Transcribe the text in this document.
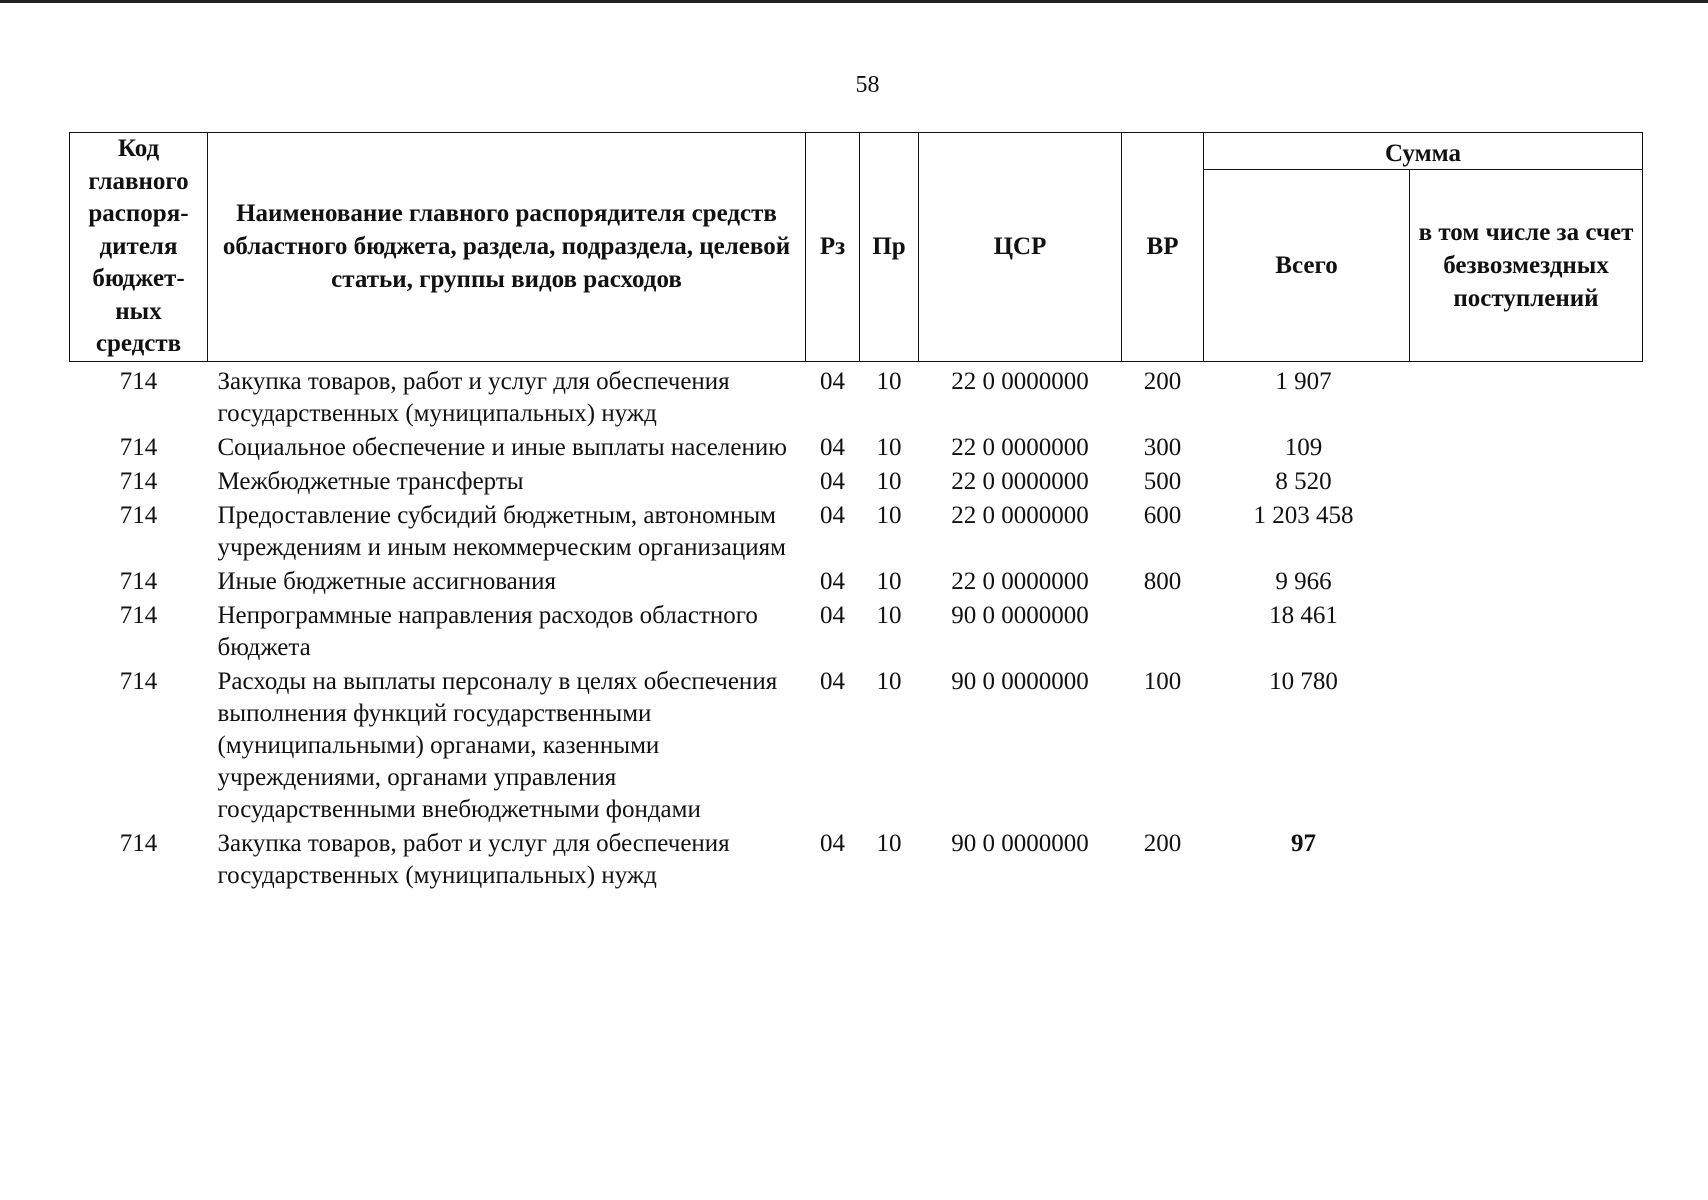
58
Код главного распоря-дителя бюджет-ных средств	Наименование главного распорядителя средств областного бюджета, раздела, подраздела, целевой статьи, группы видов расходов	Рз	Пр	ЦСР	ВР	Сумма	
						Всего	в том числе за счет безвозмездных поступлений
714	Закупка товаров, работ и услуг для обеспечения государственных (муниципальных) нужд	04	10	22 0 0000000	200	1 907	
714	Социальное обеспечение и иные выплаты населению	04	10	22 0 0000000	300	109	
714	Межбюджетные трансферты	04	10	22 0 0000000	500	8 520	
714	Предоставление субсидий бюджетным, автономным учреждениям и иным некоммерческим организациям	04	10	22 0 0000000	600	1 203 458	
714	Иные бюджетные ассигнования	04	10	22 0 0000000	800	9 966	
714	Непрограммные направления расходов областного бюджета	04	10	90 0 0000000		18 461	
714	Расходы на выплаты персоналу в целях обеспечения выполнения функций государственными (муниципальными) органами, казенными учреждениями, органами управления государственными внебюджетными фондами	04	10	90 0 0000000	100	10 780	
714	Закупка товаров, работ и услуг для обеспечения государственных (муниципальных) нужд	04	10	90 0 0000000	200	97	
